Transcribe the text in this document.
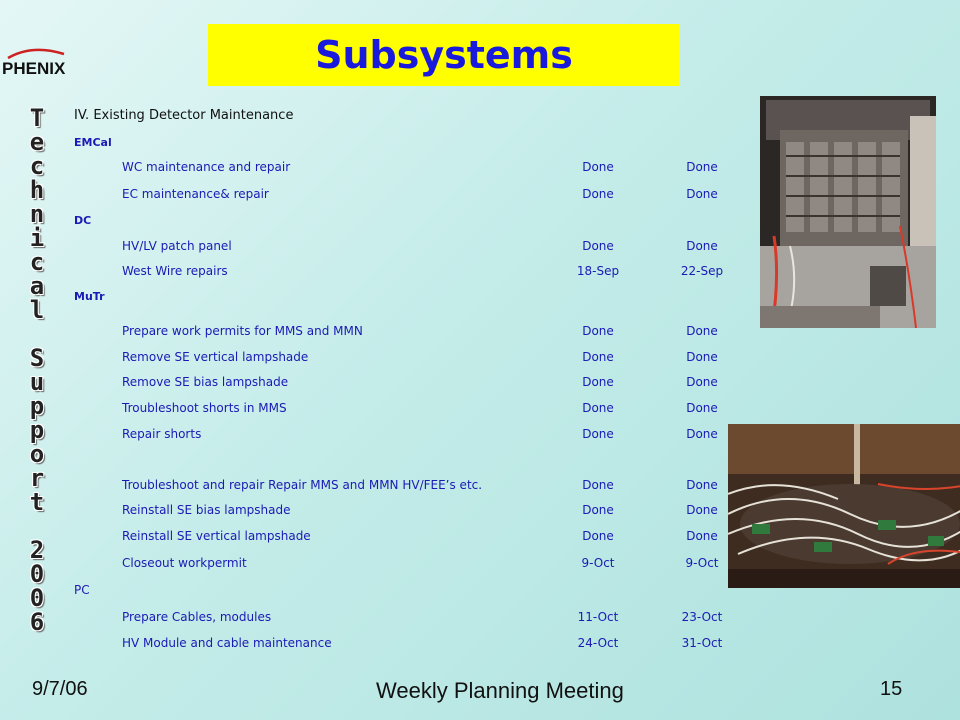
Subsystems
PHENIX
T
e
c
h
n
i
c
a
l
S
u
p
p
o
r
t
2
0
0
6
IV. Existing Detector Maintenance
EMCal
WC maintenance and repair	Done	Done
EC maintenance& repair	Done	Done
DC
HV/LV patch panel	Done	Done
West Wire repairs	18-Sep	22-Sep
MuTr
Prepare work permits for MMS and MMN	Done	Done
Remove SE vertical lampshade	Done	Done
Remove SE bias lampshade	Done	Done
Troubleshoot shorts in MMS	Done	Done
Repair shorts	Done	Done
Troubleshoot and repair Repair MMS and MMN HV/FEE’s etc.	Done	Done
Reinstall SE bias lampshade	Done	Done
Reinstall SE vertical lampshade	Done	Done
Closeout workpermit	9-Oct	9-Oct
PC
Prepare Cables, modules	11-Oct	23-Oct
HV Module and cable maintenance	24-Oct	31-Oct
9/7/06	Weekly Planning Meeting	15
